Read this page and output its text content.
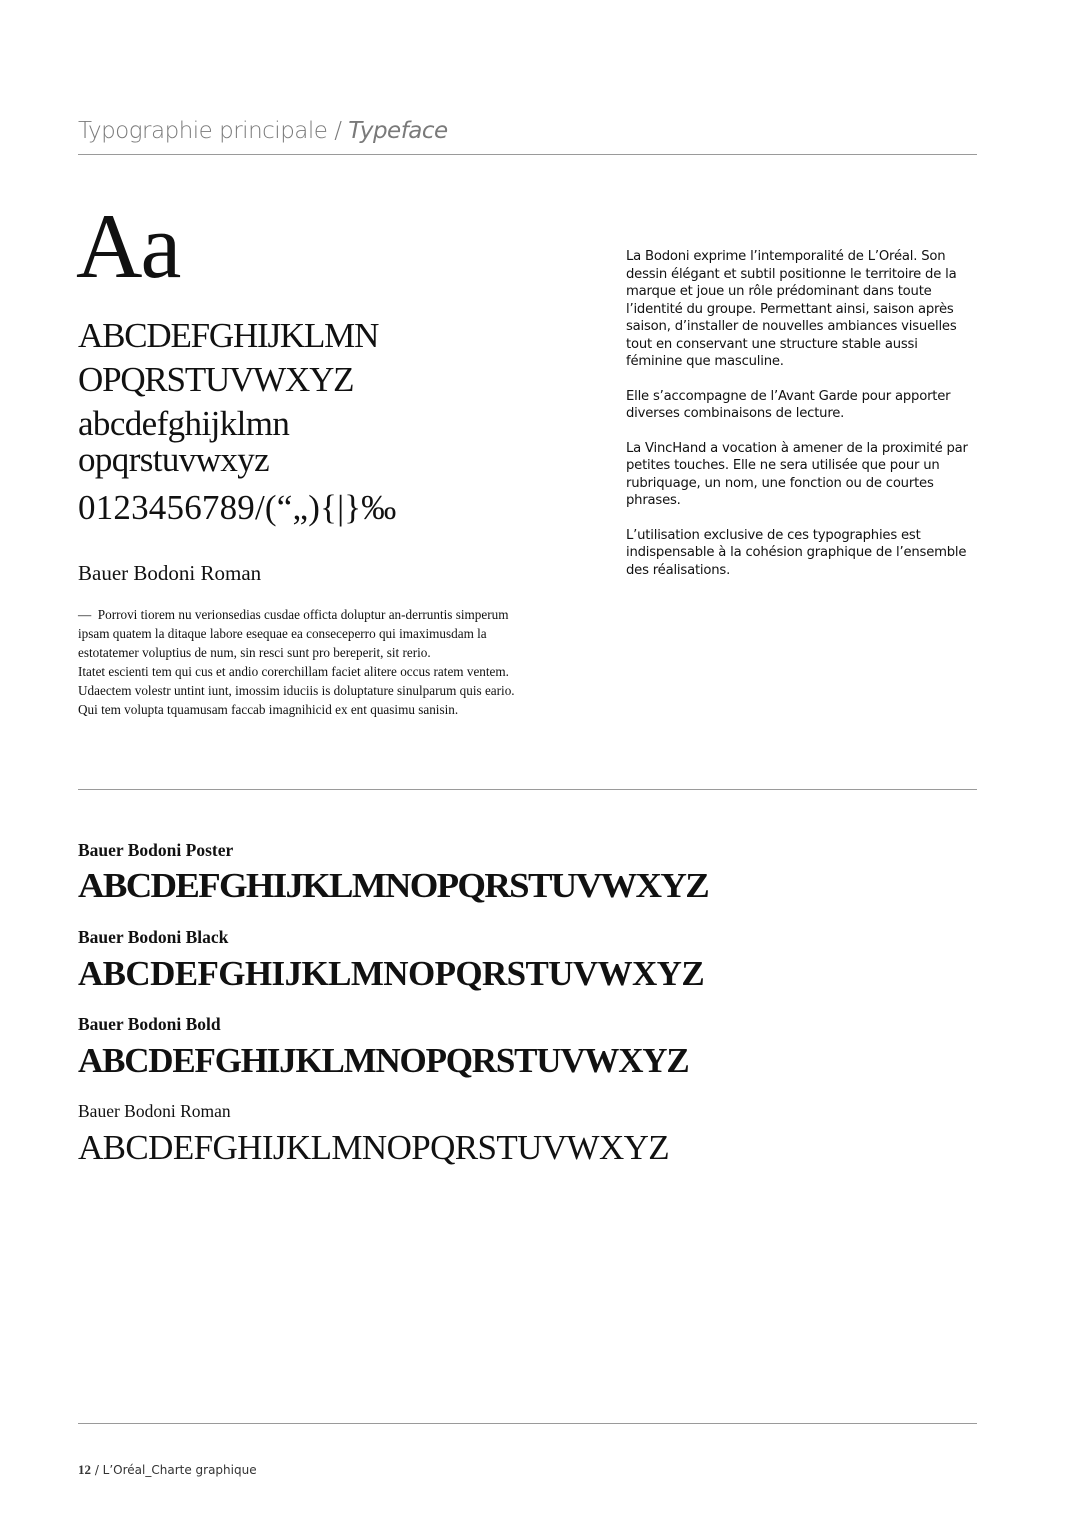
Typographie principale / Typeface
Aa
ABCDEFGHIJKLMN
OPQRSTUVWXYZ
abcdefghijklmn
opqrstuvwxyz
0123456789/(“„){|}‰
Bauer Bodoni Roman

— Porrovi tiorem nu verionsedias cusdae officta doluptur an-derruntis simperum ipsam quatem la ditaque labore esequae ea conseceperro qui imaximusdam la estotatemer voluptius de num, sin resci sunt pro bereperit, sit rerio.

Itatet escienti tem qui cus et andio corerchillam faciet alitere occus ratem ventem. Udaectem volestr untint iunt, imossim iduciis is doluptature sinulparum quis eario. Qui tem volupta tquamusam faccab imagnihicid ex ent quasimu sanisin.

La Bodoni exprime l’intemporalité de L’Oréal. Son dessin élégant et subtil positionne le territoire de la marque et joue un rôle prédominant dans toute l’identité du groupe. Permettant ainsi, saison après saison, d’installer de nouvelles ambiances visuelles tout en conservant une structure stable aussi féminine que masculine.

Elle s’accompagne de l’Avant Garde pour apporter diverses combinaisons de lecture.

La VincHand a vocation à amener de la proximité par petites touches. Elle ne sera utilisée que pour un rubriquage, un nom, une fonction ou de courtes phrases.

L’utilisation exclusive de ces typographies est indispensable à la cohésion graphique de l’ensemble des réalisations.

Bauer Bodoni Poster
ABCDEFGHIJKLMNOPQRSTUVWXYZ
Bauer Bodoni Black
ABCDEFGHIJKLMNOPQRSTUVWXYZ
Bauer Bodoni Bold
ABCDEFGHIJKLMNOPQRSTUVWXYZ
Bauer Bodoni Roman
ABCDEFGHIJKLMNOPQRSTUVWXYZ
12 / L’Oréal_Charte graphique
